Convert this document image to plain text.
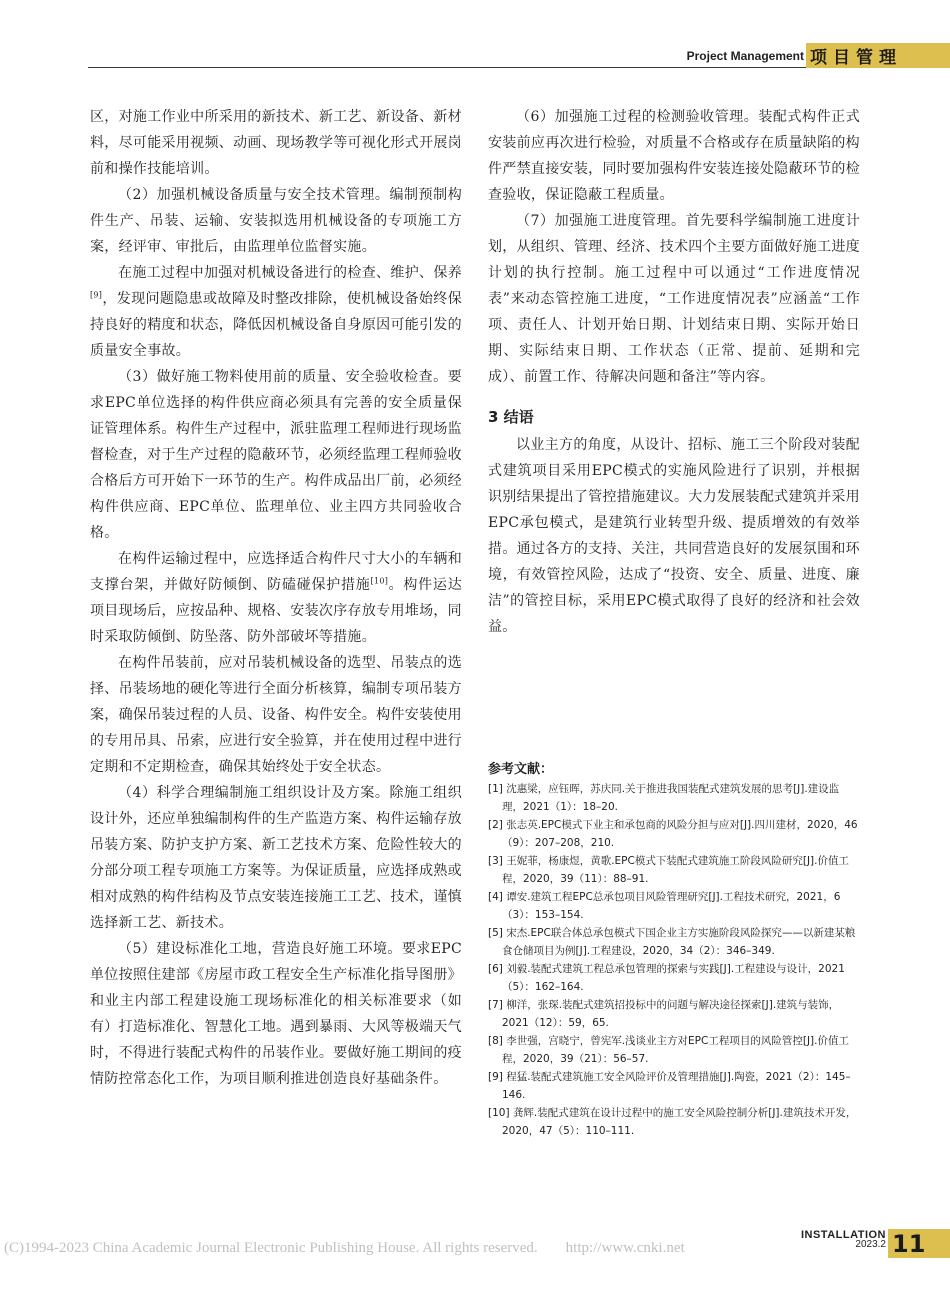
Project Management 项目管理

区，对施工作业中所采用的新技术、新工艺、新设备、新材料，尽可能采用视频、动画、现场教学等可视化形式开展岗前和操作技能培训。

（2）加强机械设备质量与安全技术管理。编制预制构件生产、吊装、运输、安装拟选用机械设备的专项施工方案，经评审、审批后，由监理单位监督实施。

在施工过程中加强对机械设备进行的检查、维护、保养[9]，发现问题隐患或故障及时整改排除，使机械设备始终保持良好的精度和状态，降低因机械设备自身原因可能引发的质量安全事故。

（3）做好施工物料使用前的质量、安全验收检查。要求EPC单位选择的构件供应商必须具有完善的安全质量保证管理体系。构件生产过程中，派驻监理工程师进行现场监督检查，对于生产过程的隐蔽环节，必须经监理工程师验收合格后方可开始下一环节的生产。构件成品出厂前，必须经构件供应商、EPC单位、监理单位、业主四方共同验收合格。

在构件运输过程中，应选择适合构件尺寸大小的车辆和支撑台架，并做好防倾倒、防磕碰保护措施[10]。构件运达项目现场后，应按品种、规格、安装次序存放专用堆场，同时采取防倾倒、防坠落、防外部破坏等措施。

在构件吊装前，应对吊装机械设备的选型、吊装点的选择、吊装场地的硬化等进行全面分析核算，编制专项吊装方案，确保吊装过程的人员、设备、构件安全。构件安装使用的专用吊具、吊索，应进行安全验算，并在使用过程中进行定期和不定期检查，确保其始终处于安全状态。

（4）科学合理编制施工组织设计及方案。除施工组织设计外，还应单独编制构件的生产监造方案、构件运输存放吊装方案、防护支护方案、新工艺技术方案、危险性较大的分部分项工程专项施工方案等。为保证质量，应选择成熟或相对成熟的构件结构及节点安装连接施工工艺、技术，谨慎选择新工艺、新技术。

（5）建设标准化工地，营造良好施工环境。要求EPC单位按照住建部《房屋市政工程安全生产标准化指导图册》和业主内部工程建设施工现场标准化的相关标准要求（如有）打造标准化、智慧化工地。遇到暴雨、大风等极端天气时，不得进行装配式构件的吊装作业。要做好施工期间的疫情防控常态化工作，为项目顺利推进创造良好基础条件。

（6）加强施工过程的检测验收管理。装配式构件正式安装前应再次进行检验，对质量不合格或存在质量缺陷的构件严禁直接安装，同时要加强构件安装连接处隐蔽环节的检查验收，保证隐蔽工程质量。

（7）加强施工进度管理。首先要科学编制施工进度计划，从组织、管理、经济、技术四个主要方面做好施工进度计划的执行控制。施工过程中可以通过“工作进度情况表”来动态管控施工进度，“工作进度情况表”应涵盖“工作项、责任人、计划开始日期、计划结束日期、实际开始日期、实际结束日期、工作状态（正常、提前、延期和完成）、前置工作、待解决问题和备注”等内容。

3 结语

以业主方的角度，从设计、招标、施工三个阶段对装配式建筑项目采用EPC模式的实施风险进行了识别，并根据识别结果提出了管控措施建议。大力发展装配式建筑并采用EPC承包模式，是建筑行业转型升级、提质增效的有效举措。通过各方的支持、关注，共同营造良好的发展氛围和环境，有效管控风险，达成了“投资、安全、质量、进度、廉洁”的管控目标，采用EPC模式取得了良好的经济和社会效益。

参考文献：
[1] 沈惠梁，应钰晖，苏庆同.关于推进我国装配式建筑发展的思考[J].建设监理，2021（1）：18–20.
[2] 张志英.EPC模式下业主和承包商的风险分担与应对[J].四川建材，2020，46（9）：207–208，210.
[3] 王妮菲，杨康煜，黄歌.EPC模式下装配式建筑施工阶段风险研究[J].价值工程，2020，39（11）：88–91.
[4] 谭安.建筑工程EPC总承包项目风险管理研究[J].工程技术研究，2021，6（3）：153–154.
[5] 宋杰.EPC联合体总承包模式下国企业主方实施阶段风险探究——以新建某粮食仓储项目为例[J].工程建设，2020，34（2）：346–349.
[6] 刘毅.装配式建筑工程总承包管理的探索与实践[J].工程建设与设计，2021（5）：162–164.
[7] 柳洋，张琛.装配式建筑招投标中的问题与解决途径探索[J].建筑与装饰，2021（12）：59，65.
[8] 李世强，宫晓宁，曾宪军.浅谈业主方对EPC工程项目的风险管控[J].价值工程，2020，39（21）：56–57.
[9] 程猛.装配式建筑施工安全风险评价及管理措施[J].陶瓷，2021（2）：145–146.
[10] 龚辉.装配式建筑在设计过程中的施工安全风险控制分析[J].建筑技术开发，2020，47（5）：110–111.
INSTALLATION
2023.2 11
(C)1994-2023 China Academic Journal Electronic Publishing House. All rights reserved. http://www.cnki.net
